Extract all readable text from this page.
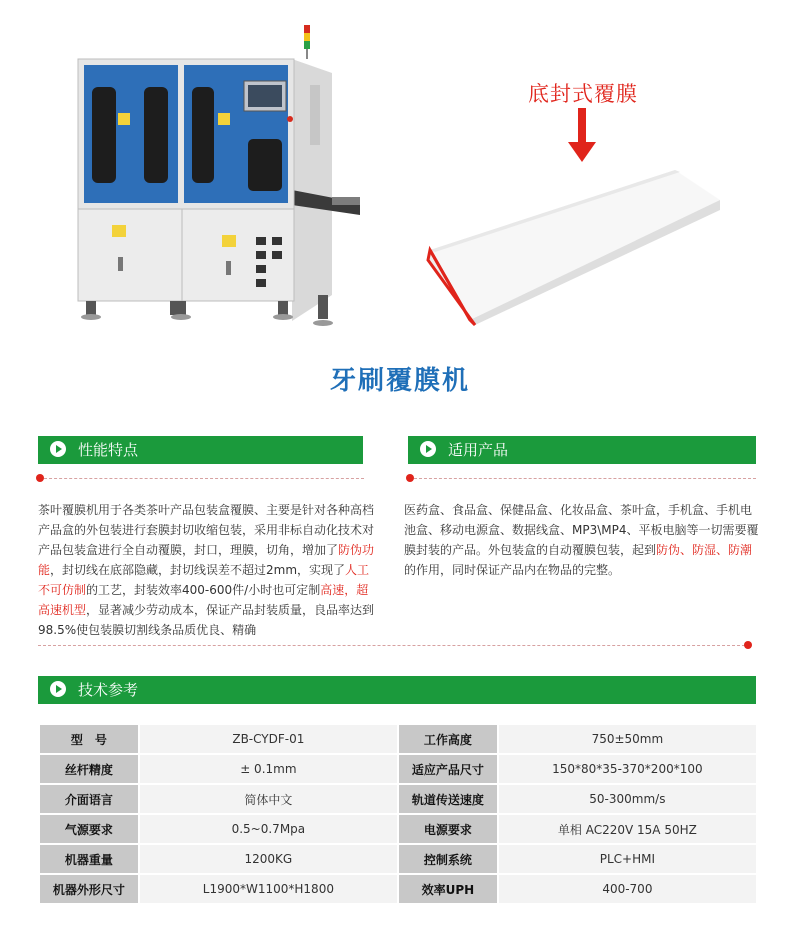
底封式覆膜
牙刷覆膜机
性能特点	适用产品
茶叶覆膜机用于各类茶叶产品包装盒覆膜、主要是针对各种高档产品盒的外包装进行套膜封切收缩包装，采用非标自动化技术对产品包装盒进行全自动覆膜，封口，理膜，切角，增加了防伪功能，封切线在底部隐藏，封切线误差不超过2mm，实现了人工不可仿制的工艺，封装效率400-600件/小时也可定制高速，超高速机型，显著减少劳动成本，保证产品封装质量，良品率达到98.5%使包装膜切割线条品质优良、精确
医药盒、食品盒、保健品盒、化妆品盒、茶叶盒，手机盒、手机电池盒、移动电源盒、数据线盒、MP3\MP4、平板电脑等一切需要覆膜封装的产品。外包装盒的自动覆膜包装，起到防伪、防湿、防潮的作用，同时保证产品内在物品的完整。
技术参考
型　号	ZB-CYDF-01	工作高度	750±50mm
丝杆精度	± 0.1mm	适应产品尺寸	150*80*35-370*200*100
介面语言	简体中文	轨道传送速度	50-300mm/s
气源要求	0.5~0.7Mpa	电源要求	单相 AC220V 15A 50HZ
机器重量	1200KG	控制系统	PLC+HMI
机器外形尺寸	L1900*W1100*H1800	效率UPH	400-700
